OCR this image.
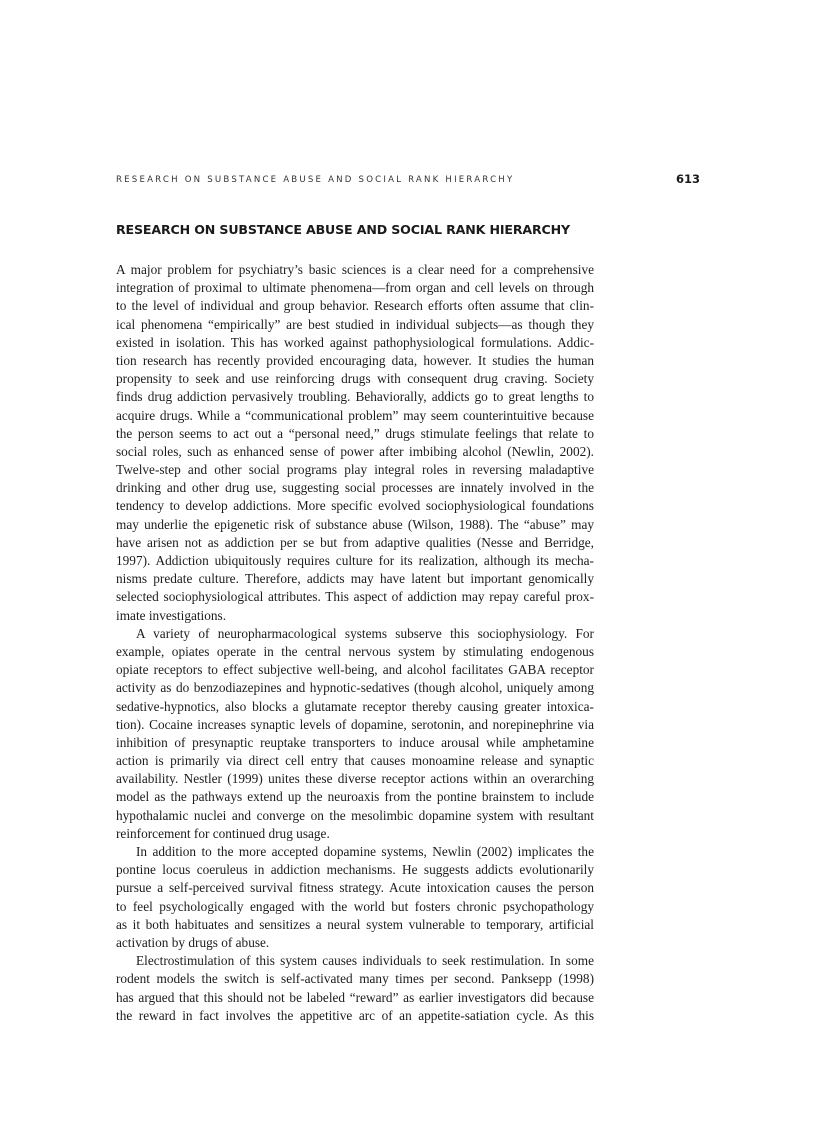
RESEARCH ON SUBSTANCE ABUSE AND SOCIAL RANK HIERARCHY	613
RESEARCH ON SUBSTANCE ABUSE AND SOCIAL RANK HIERARCHY
A major problem for psychiatry’s basic sciences is a clear need for a comprehensive
integration of proximal to ultimate phenomena—from organ and cell levels on through
to the level of individual and group behavior. Research efforts often assume that clin-
ical phenomena “empirically” are best studied in individual subjects—as though they
existed in isolation. This has worked against pathophysiological formulations. Addic-
tion research has recently provided encouraging data, however. It studies the human
propensity to seek and use reinforcing drugs with consequent drug craving. Society
finds drug addiction pervasively troubling. Behaviorally, addicts go to great lengths to
acquire drugs. While a “communicational problem” may seem counterintuitive because
the person seems to act out a “personal need,” drugs stimulate feelings that relate to
social roles, such as enhanced sense of power after imbibing alcohol (Newlin, 2002).
Twelve-step and other social programs play integral roles in reversing maladaptive
drinking and other drug use, suggesting social processes are innately involved in the
tendency to develop addictions. More specific evolved sociophysiological foundations
may underlie the epigenetic risk of substance abuse (Wilson, 1988). The “abuse” may
have arisen not as addiction per se but from adaptive qualities (Nesse and Berridge,
1997). Addiction ubiquitously requires culture for its realization, although its mecha-
nisms predate culture. Therefore, addicts may have latent but important genomically
selected sociophysiological attributes. This aspect of addiction may repay careful prox-
imate investigations.
A variety of neuropharmacological systems subserve this sociophysiology. For
example, opiates operate in the central nervous system by stimulating endogenous
opiate receptors to effect subjective well-being, and alcohol facilitates GABA receptor
activity as do benzodiazepines and hypnotic-sedatives (though alcohol, uniquely among
sedative-hypnotics, also blocks a glutamate receptor thereby causing greater intoxica-
tion). Cocaine increases synaptic levels of dopamine, serotonin, and norepinephrine via
inhibition of presynaptic reuptake transporters to induce arousal while amphetamine
action is primarily via direct cell entry that causes monoamine release and synaptic
availability. Nestler (1999) unites these diverse receptor actions within an overarching
model as the pathways extend up the neuroaxis from the pontine brainstem to include
hypothalamic nuclei and converge on the mesolimbic dopamine system with resultant
reinforcement for continued drug usage.
In addition to the more accepted dopamine systems, Newlin (2002) implicates the
pontine locus coeruleus in addiction mechanisms. He suggests addicts evolutionarily
pursue a self-perceived survival fitness strategy. Acute intoxication causes the person
to feel psychologically engaged with the world but fosters chronic psychopathology
as it both habituates and sensitizes a neural system vulnerable to temporary, artificial
activation by drugs of abuse.
Electrostimulation of this system causes individuals to seek restimulation. In some
rodent models the switch is self-activated many times per second. Panksepp (1998)
has argued that this should not be labeled “reward” as earlier investigators did because
the reward in fact involves the appetitive arc of an appetite-satiation cycle. As this
